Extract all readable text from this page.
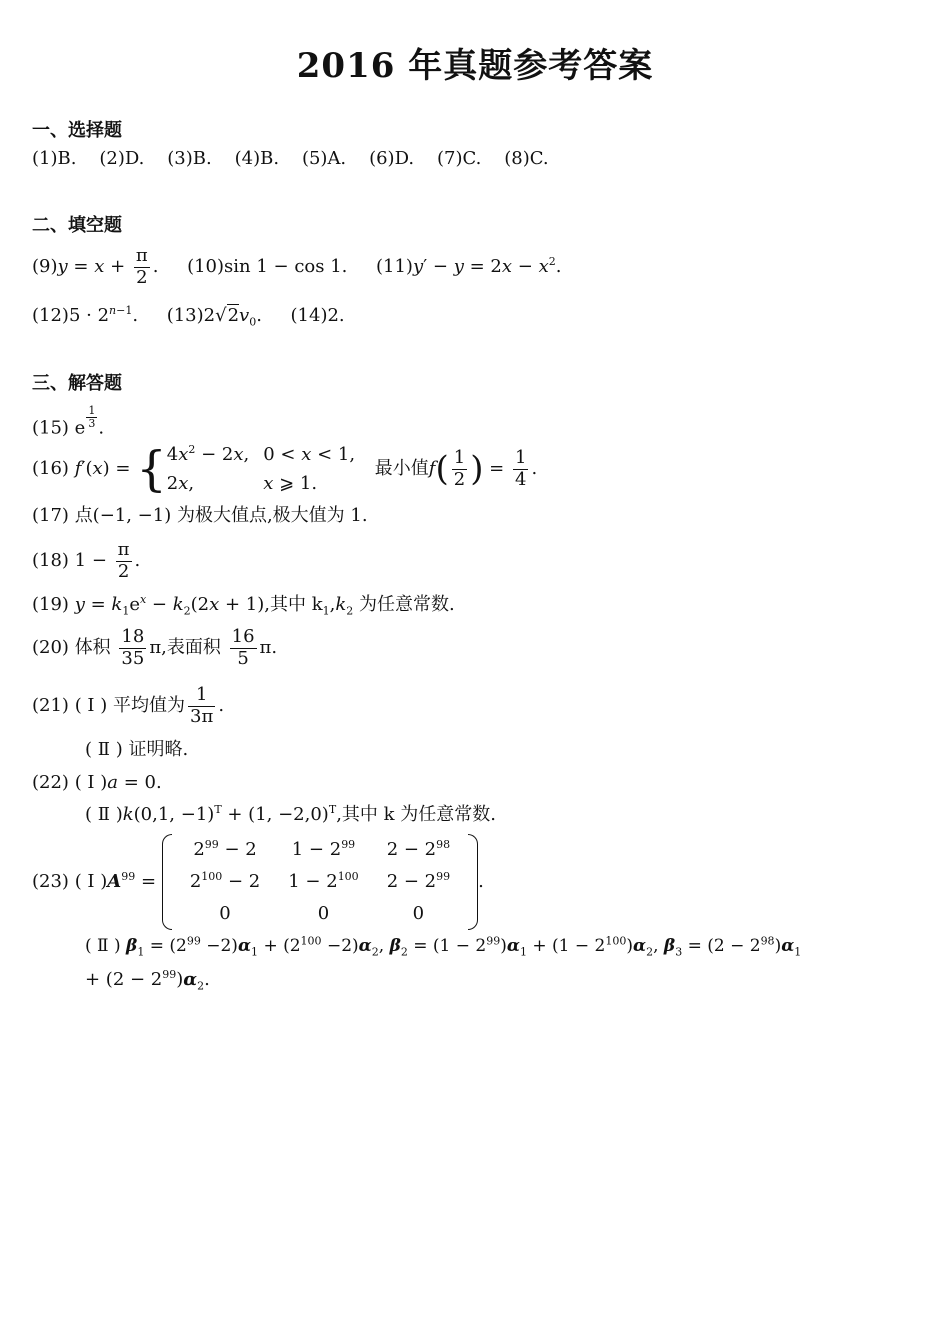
2016 年真题参考答案
一、选择题
(1)B. (2)D. (3)B. (4)B. (5)A. (6)D. (7)C. (8)C.
二、填空题
$(9)y = x + \frac{\pi}{2}$ . (10)sin 1 − cos 1. $(11)y' - y = 2x - x^2$.
$(12)5 \cdot 2^{n-1}$. $(13)2√2v_0$. (14)2.
三、解答题
(15) e $\frac{1}{3}$ .
(16) f′(x) = { $4x^2 - 2x$,	0 < x < 1,
2x,	x ⩾ 1.
最小值$f( \frac{1}{2}$ ) = $\frac{1}{4}$ .
(17) 点(−1, −1) 为极大值点,极大值为 1.
(18) $1 - \frac{\pi}{2}$ .
(19) $y = k_1e^x - k_2(2x + 1)$,其中 $k_1,k_2$ 为任意常数.
(20) 体积 $\frac{18}{35} \pi$,表面积 $\frac{16}{5} \pi$.
(21) ( Ⅰ ) 平均值为 $\frac{1}{3\pi}$ .
( Ⅱ ) 证明略.
(22) ( Ⅰ )a = 0.
( Ⅱ )k(0,1, −1)$^T$ + (1, −2,0)$^T$,其中 k 为任意常数.
(23) ( Ⅰ )$A^{99}$ =
$2^{99} - 2$	$1 - 2^{99}$	$2 - 2^{98}$
$2^{100} - 2$	$1 - 2^{100}$	$2 - 2^{99}$
0	0	0
.
( Ⅱ ) $\beta_1 = (2^{99} -2)\alpha_1 + (2^{100} -2)\alpha_2$, $\beta_2 = (1 - 2^{99})\alpha_1 + (1 - 2^{100})\alpha_2$, $\beta_3 = (2 - 2^{98})\alpha_1$
+ $(2 - 2^{99})\alpha_2$.
